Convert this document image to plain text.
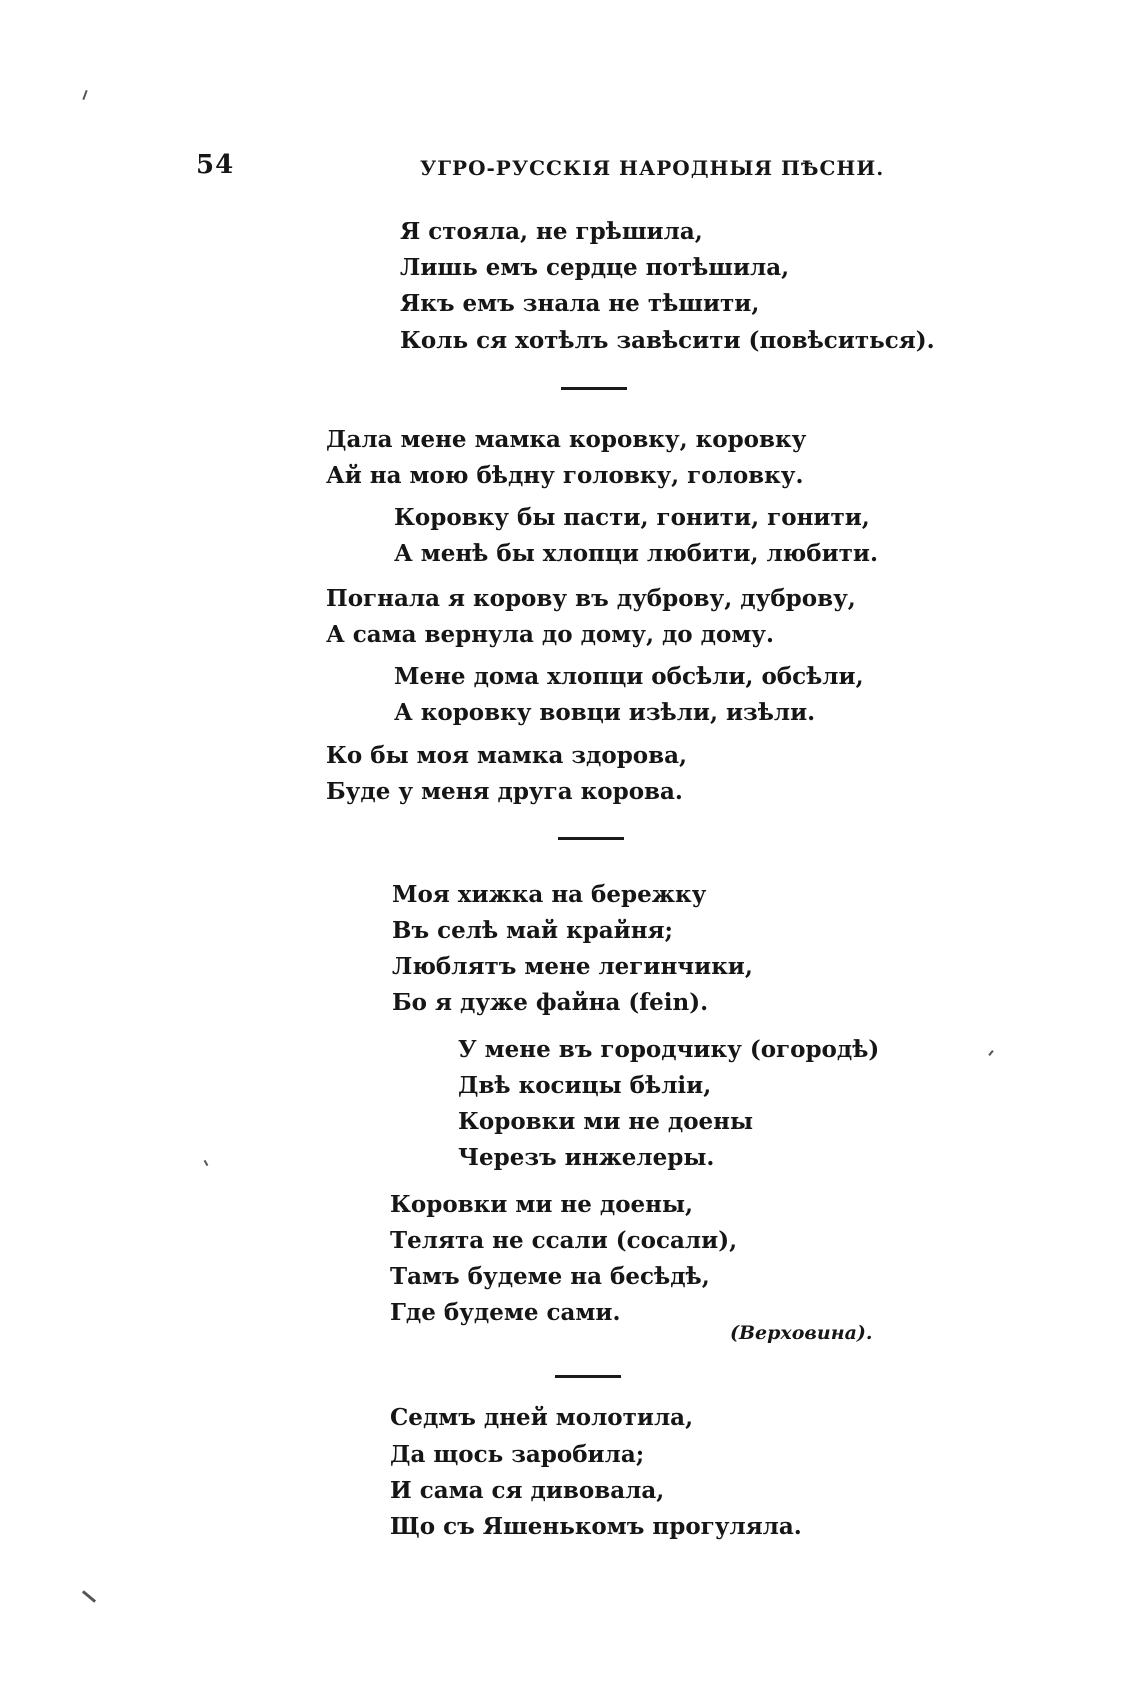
54	УГРО-РУССКІЯ НАРОДНЫЯ ПѢСНИ.
Я стояла, не грѣшила,
Лишь емъ сердце потѣшила,
Якъ емъ знала не тѣшити,
Коль ся хотѣлъ завѣсити (повѣситься).
Дала мене мамка коровку, коровку
Ай на мою бѣдну головку, головку.
Коровку бы пасти, гонити, гонити,
А менѣ бы хлопци любити, любити.
Погнала я корову въ дуброву, дуброву,
А сама вернула до дому, до дому.
Мене дома хлопци обсѣли, обсѣли,
А коровку вовци изѣли, изѣли.
Ко бы моя мамка здорова,
Буде у меня друга корова.
Моя хижка на бережку
Въ селѣ май крайня;
Люблятъ мене легинчики,
Бо я дуже файна (fein).
У мене въ городчику (огородѣ)
Двѣ косицы бѣліи,
Коровки ми не доены
Черезъ инжелеры.
Коровки ми не доены,
Телята не ссали (сосали),
Тамъ будеме на бесѣдѣ,
Где будеме сами.
(Верховина).
Седмъ дней молотила,
Да щось заробила;
И сама ся дивовала,
Що съ Яшенькомъ прогуляла.
